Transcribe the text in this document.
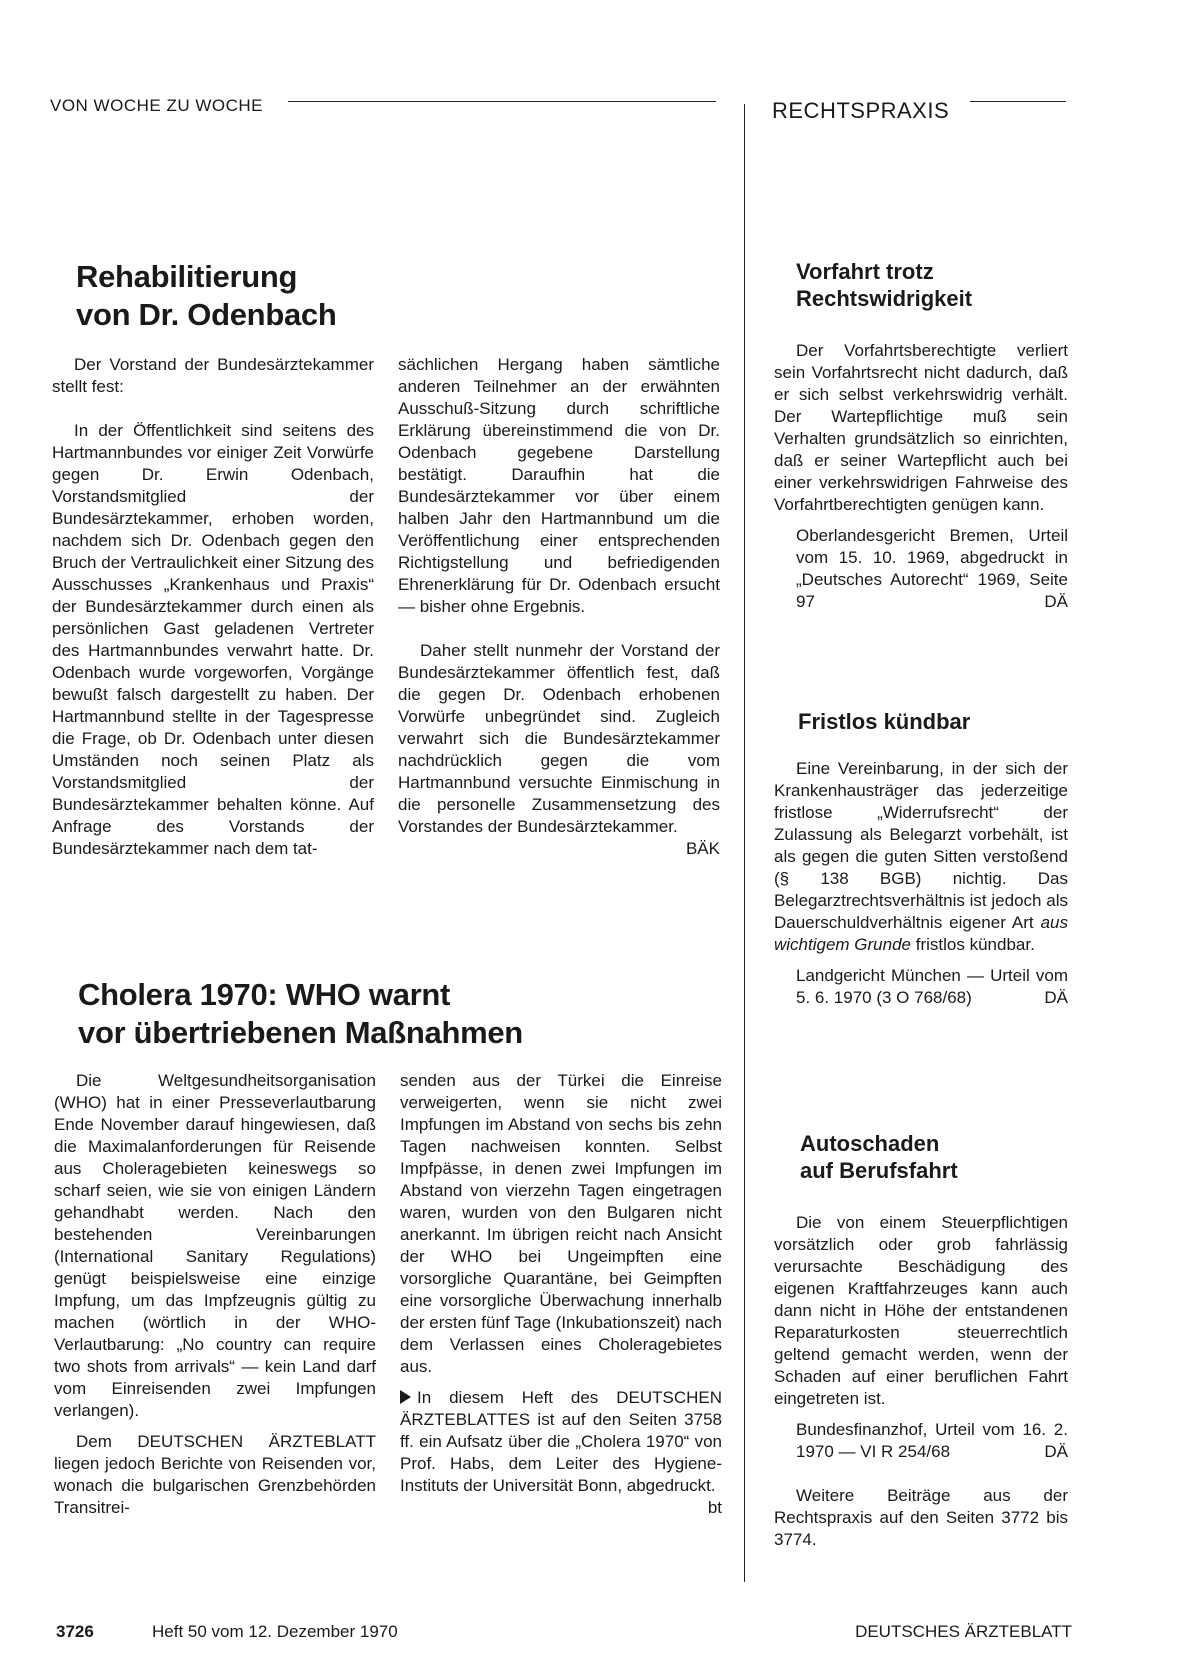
VON WOCHE ZU WOCHE	RECHTSPRAXIS

Rehabilitierung

von Dr. Odenbach

Der Vorstand der Bundesärztekammer stellt fest:

In der Öffentlichkeit sind seitens des Hartmannbundes vor einiger Zeit Vorwürfe gegen Dr. Erwin Odenbach, Vorstandsmitglied der Bundesärztekammer, erhoben worden, nachdem sich Dr. Odenbach gegen den Bruch der Vertraulichkeit einer Sitzung des Ausschusses „Krankenhaus und Praxis“ der Bundesärztekammer durch einen als persönlichen Gast geladenen Vertreter des Hartmannbundes verwahrt hatte. Dr. Odenbach wurde vorgeworfen, Vorgänge bewußt falsch dargestellt zu haben. Der Hartmannbund stellte in der Tagespresse die Frage, ob Dr. Odenbach unter diesen Umständen noch seinen Platz als Vorstandsmitglied der Bundesärztekammer behalten könne. Auf Anfrage des Vorstands der Bundesärztekammer nach dem tat-

sächlichen Hergang haben sämtliche anderen Teilnehmer an der erwähnten Ausschuß-Sitzung durch schriftliche Erklärung übereinstimmend die von Dr. Odenbach gegebene Darstellung bestätigt. Daraufhin hat die Bundesärztekammer vor über einem halben Jahr den Hartmannbund um die Veröffentlichung einer entsprechenden Richtigstellung und befriedigenden Ehrenerklärung für Dr. Odenbach ersucht — bisher ohne Ergebnis.

Daher stellt nunmehr der Vorstand der Bundesärztekammer öffentlich fest, daß die gegen Dr. Odenbach erhobenen Vorwürfe unbegründet sind. Zugleich verwahrt sich die Bundesärztekammer nachdrücklich gegen die vom Hartmannbund versuchte Einmischung in die personelle Zusammensetzung des Vorstandes der Bundesärztekammer.
BÄK

Cholera 1970: WHO warnt

vor übertriebenen Maßnahmen

Die Weltgesundheitsorganisation (WHO) hat in einer Presseverlautbarung Ende November darauf hingewiesen, daß die Maximalanforderungen für Reisende aus Choleragebieten keineswegs so scharf seien, wie sie von einigen Ländern gehandhabt werden. Nach den bestehenden Vereinbarungen (International Sanitary Regulations) genügt beispielsweise eine einzige Impfung, um das Impfzeugnis gültig zu machen (wörtlich in der WHO-Verlautbarung: „No country can require two shots from arrivals“ — kein Land darf vom Einreisenden zwei Impfungen verlangen).

Dem DEUTSCHEN ÄRZTEBLATT liegen jedoch Berichte von Reisenden vor, wonach die bulgarischen Grenzbehörden Transitrei-

senden aus der Türkei die Einreise verweigerten, wenn sie nicht zwei Impfungen im Abstand von sechs bis zehn Tagen nachweisen konnten. Selbst Impfpässe, in denen zwei Impfungen im Abstand von vierzehn Tagen eingetragen waren, wurden von den Bulgaren nicht anerkannt. Im übrigen reicht nach Ansicht der WHO bei Ungeimpften eine vorsorgliche Quarantäne, bei Geimpften eine vorsorgliche Überwachung innerhalb der ersten fünf Tage (Inkubationszeit) nach dem Verlassen eines Choleragebietes aus.

In diesem Heft des DEUTSCHEN ÄRZTEBLATTES ist auf den Seiten 3758 ff. ein Aufsatz über die „Cholera 1970“ von Prof. Habs, dem Leiter des Hygiene-Instituts der Universität Bonn, abgedruckt.
bt

Vorfahrt trotz

Rechtswidrigkeit

Der Vorfahrtsberechtigte verliert sein Vorfahrtsrecht nicht dadurch, daß er sich selbst verkehrswidrig verhält. Der Wartepflichtige muß sein Verhalten grundsätzlich so einrichten, daß er seiner Wartepflicht auch bei einer verkehrswidrigen Fahrweise des Vorfahrtberechtigten genügen kann.

Oberlandesgericht Bremen, Urteil vom 15. 10. 1969, abgedruckt in „Deutsches Autorecht“ 1969, Seite 97	DÄ

Fristlos kündbar

Eine Vereinbarung, in der sich der Krankenhausträger das jederzeitige fristlose „Widerrufsrecht“ der Zulassung als Belegarzt vorbehält, ist als gegen die guten Sitten verstoßend (§ 138 BGB) nichtig. Das Belegarztrechtsverhältnis ist jedoch als Dauerschuldverhältnis eigener Art aus wichtigem Grunde fristlos kündbar.

Landgericht München — Urteil vom 5. 6. 1970 (3 O 768/68)	DÄ

Autoschaden

auf Berufsfahrt

Die von einem Steuerpflichtigen vorsätzlich oder grob fahrlässig verursachte Beschädigung des eigenen Kraftfahrzeuges kann auch dann nicht in Höhe der entstandenen Reparaturkosten steuerrechtlich geltend gemacht werden, wenn der Schaden auf einer beruflichen Fahrt eingetreten ist.

Bundesfinanzhof, Urteil vom 16. 2. 1970 — VI R 254/68	DÄ

Weitere Beiträge aus der Rechtspraxis auf den Seiten 3772 bis 3774.

3726	Heft 50 vom 12. Dezember 1970	DEUTSCHES ÄRZTEBLATT
